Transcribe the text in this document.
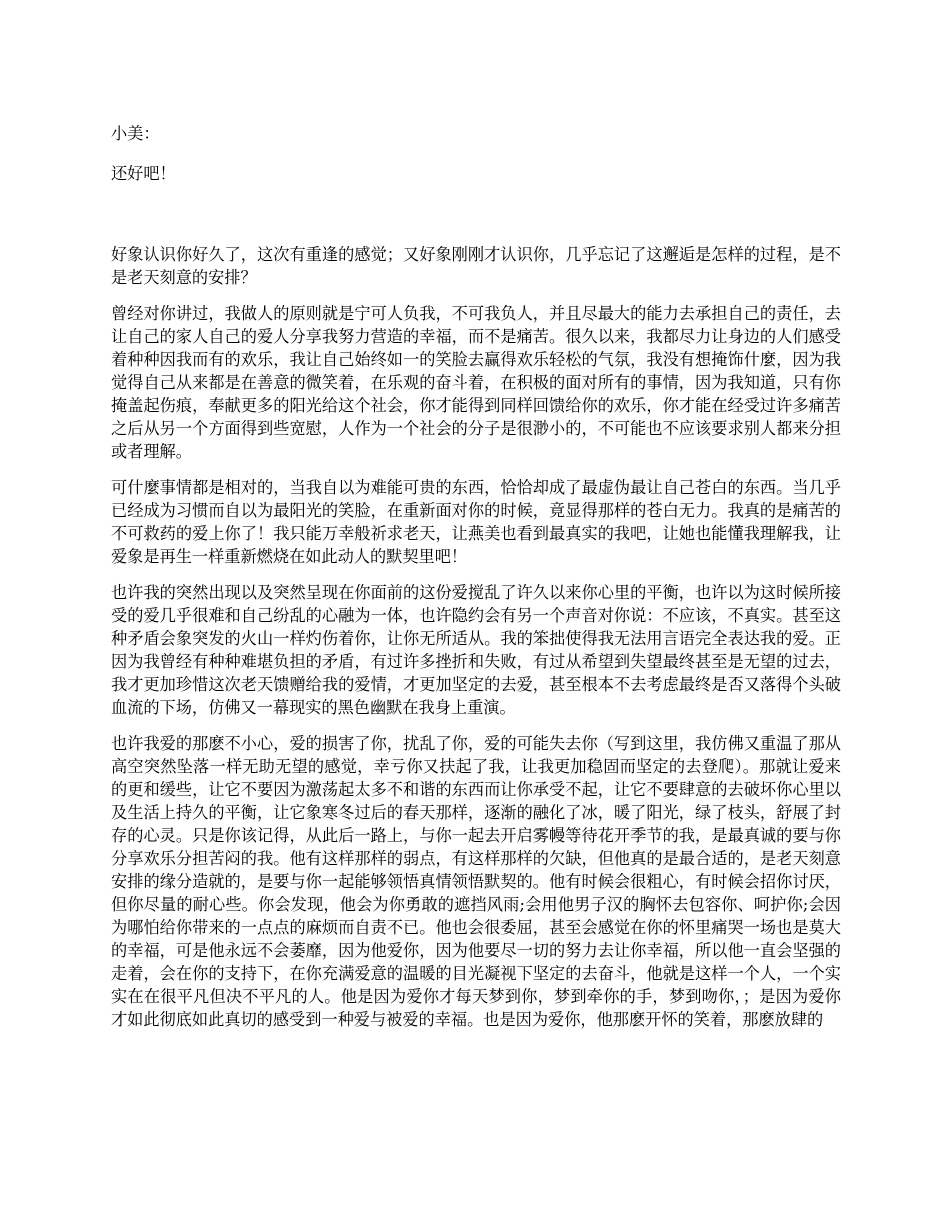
小美：
还好吧！

好象认识你好久了，这次有重逢的感觉；又好象刚刚才认识你，几乎忘记了这邂逅是怎样的过程，是不是老天刻意的安排？

曾经对你讲过，我做人的原则就是宁可人负我，不可我负人，并且尽最大的能力去承担自己的责任，去让自己的家人自己的爱人分享我努力营造的幸福，而不是痛苦。很久以来，我都尽力让身边的人们感受着种种因我而有的欢乐，我让自己始终如一的笑脸去赢得欢乐轻松的气氛，我没有想掩饰什麼，因为我觉得自己从来都是在善意的微笑着，在乐观的奋斗着，在积极的面对所有的事情，因为我知道，只有你掩盖起伤痕，奉献更多的阳光给这个社会，你才能得到同样回馈给你的欢乐，你才能在经受过许多痛苦之后从另一个方面得到些宽慰，人作为一个社会的分子是很渺小的，不可能也不应该要求别人都来分担或者理解。

可什麼事情都是相对的，当我自以为难能可贵的东西，恰恰却成了最虚伪最让自己苍白的东西。当几乎已经成为习惯而自以为最阳光的笑脸，在重新面对你的时候，竟显得那样的苍白无力。我真的是痛苦的不可救药的爱上你了！我只能万幸般祈求老天，让燕美也看到最真实的我吧，让她也能懂我理解我，让爱象是再生一样重新燃烧在如此动人的默契里吧！

也许我的突然出现以及突然呈现在你面前的这份爱搅乱了许久以来你心里的平衡，也许以为这时候所接受的爱几乎很难和自己纷乱的心融为一体，也许隐约会有另一个声音对你说：不应该，不真实。甚至这种矛盾会象突发的火山一样灼伤着你，让你无所适从。我的笨拙使得我无法用言语完全表达我的爱。正因为我曾经有种种难堪负担的矛盾，有过许多挫折和失败，有过从希望到失望最终甚至是无望的过去，我才更加珍惜这次老天馈赠给我的爱情，才更加坚定的去爱，甚至根本不去考虑最终是否又落得个头破血流的下场，仿佛又一幕现实的黑色幽默在我身上重演。

也许我爱的那麽不小心，爱的损害了你，扰乱了你，爱的可能失去你（写到这里，我仿佛又重温了那从高空突然坠落一样无助无望的感觉，幸亏你又扶起了我，让我更加稳固而坚定的去登爬）。那就让爱来的更和缓些，让它不要因为激荡起太多不和谐的东西而让你承受不起，让它不要肆意的去破坏你心里以及生活上持久的平衡，让它象寒冬过后的春天那样，逐渐的融化了冰，暖了阳光，绿了枝头，舒展了封存的心灵。只是你该记得，从此后一路上，与你一起去开启雾幔等待花开季节的我，是最真诚的要与你分享欢乐分担苦闷的我。他有这样那样的弱点，有这样那样的欠缺，但他真的是最合适的，是老天刻意安排的缘分造就的，是要与你一起能够领悟真情领悟默契的。他有时候会很粗心，有时候会招你讨厌，但你尽量的耐心些。你会发现，他会为你勇敢的遮挡风雨;会用他男子汉的胸怀去包容你、呵护你;会因为哪怕给你带来的一点点的麻烦而自责不已。他也会很委屈，甚至会感觉在你的怀里痛哭一场也是莫大的幸福，可是他永远不会萎靡，因为他爱你，因为他要尽一切的努力去让你幸福，所以他一直会坚强的走着，会在你的支持下，在你充满爱意的温暖的目光凝视下坚定的去奋斗，他就是这样一个人，一个实实在在很平凡但决不平凡的人。他是因为爱你才每天梦到你，梦到牵你的手，梦到吻你，；是因为爱你才如此彻底如此真切的感受到一种爱与被爱的幸福。也是因为爱你，他那麽开怀的笑着，那麽放肆的
